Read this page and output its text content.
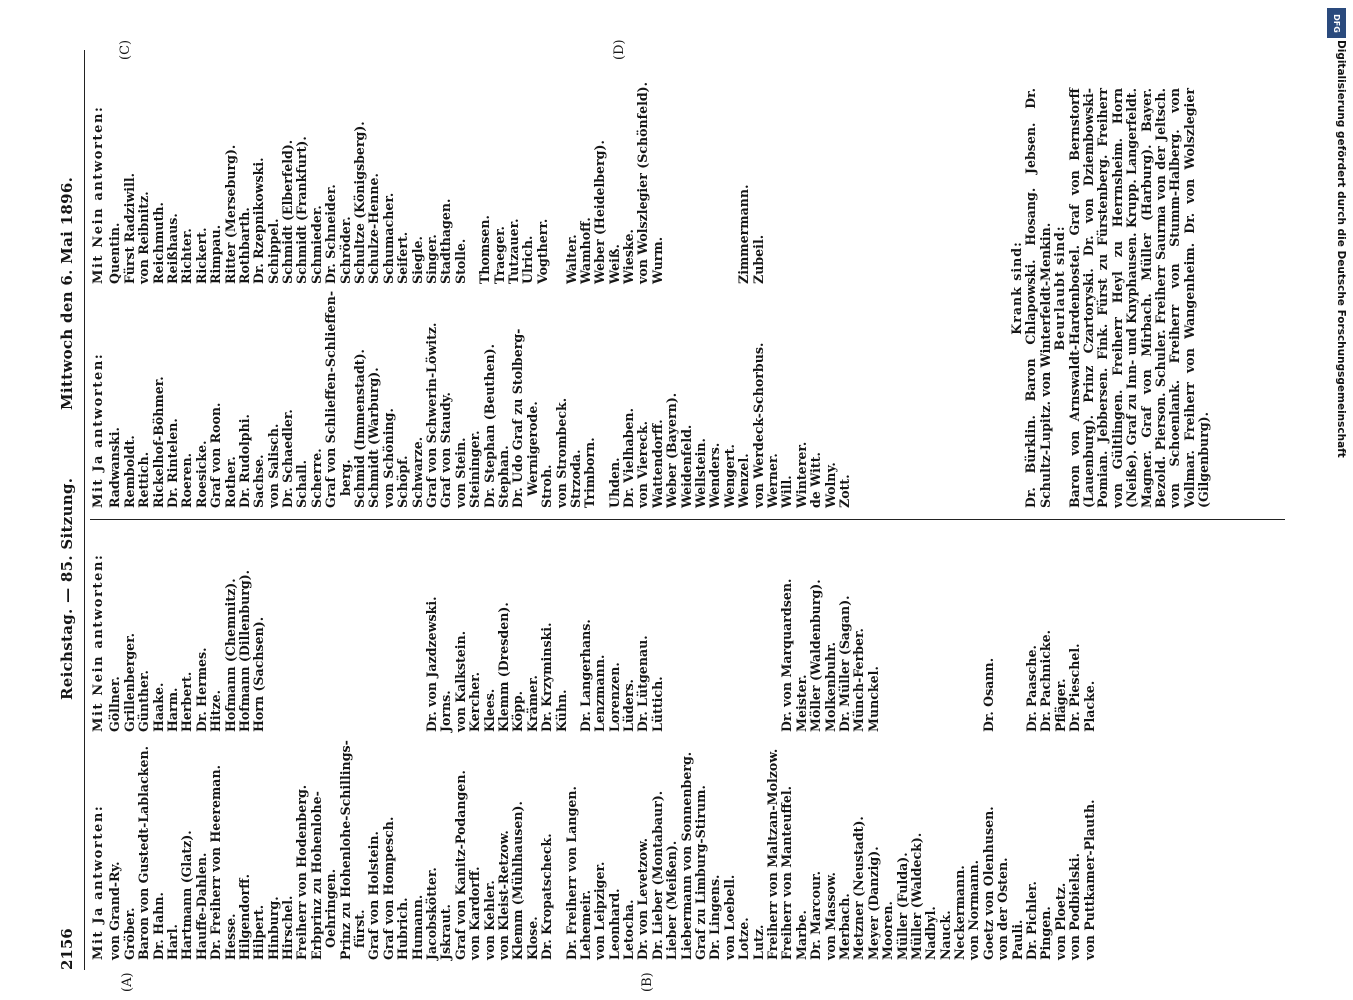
2156
Reichstag. — 85. Sitzung.
Mittwoch den 6. Mai 1896.
(A)	(B)
(C)	(D)
Mit Ja antworten: von Grand-Ry. Gröber. Baron von Gustedt-Lablacken. Dr. Hahn. Harl. Hartmann (Glatz). Hauffe-Dahlen. Dr. Freiherr von Heereman. Hesse. Hilgendorff. Hilpert. Hinburg. Hirschel. Freiherr von Hodenberg. Erbprinz zu Hohenlohe- Oehringen. Prinz zu Hohenlohe-Schillings- fürst. Graf von Holstein. Graf von Hompesch. Hubrich. Humann. Jacobskötter. Jskraut. Graf von Kanitz-Podangen. von Kardorff. von Kehler. von Kleist-Retzow. Klemm (Mühlhausen). Klose. Dr. Kropatscheck. Dr. Freiherr von Langen. Lehemeir. von Leipziger. Leonhard. Letocha. Dr. von Levetzow. Dr. Lieber (Montabaur). Lieber (Meißen). Liebermann von Sonnenberg. Graf zu Limburg-Stirum. Dr. Lingens. von Loebell. Lotze. Lutz. Freiherr von Maltzan-Molzow. Freiherr von Manteuffel. Marbe. Dr. Marcour. von Massow. Merbach. Metzner (Neustadt). Meyer (Danzig). Mooren. Müller (Fulda). Müller (Waldeck). Nadbyl. Nauck. Neckermann. von Normann. Goetz von Olenhusen. von der Osten. Pauli. Dr. Pichler. Pingen. von Ploetz. von Podbielski. von Puttkamer-Plauth.
Mit Nein antworten: Göllner. Grillenberger. Günther. Haake. Harm. Herbert. Dr. Hermes. Hitze. Hofmann (Chemnitz). Hofmann (Dillenburg). Horn (Sachsen).	Dr. von Jazdzewski. Jorns. von Kalkstein. Kercher. Klees. Klemm (Dresden). Köpp. Krämer. Dr. Krzyminski. Kühn. Dr. Langerhans. Lenzmann. Lorenzen. Lüders. Dr. Lütgenau. Lüttich.	Dr. von Marquardsen. Meister. Möller (Waldenburg). Molkenbuhr. Dr. Müller (Sagan). Münch-Ferber. Munckel.	Dr. Osann. Dr. Paasche. Dr. Pachnicke. Pfläger. Dr. Pieschel. Placke.
Mit Ja antworten: Radwanski. Remboldt. Rettich. Rickelhof-Böhmer. Dr. Rintelen. Roeren. Roesicke. Graf von Roon. Rother. Dr. Rudolphi. Sachse. von Salisch. Dr. Schaedler. Schall. Scherre. Graf von Schlieffen-Schlieffen- berg. Schmid (Immenstadt). Schmidt (Warburg). von Schöning. Schöpf. Schwarze. Graf von Schwerin-Löwitz. Graf von Staudy. von Stein. Steininger. Dr. Stephan (Beuthen). Stephan. Dr. Udo Graf zu Stolberg- Wernigerode. Stroh. von Strombeck. Strzoda. Trimborn. Uhden. Dr. Vielhaben. von Viereck. Wattendorff. Weber (Bayern). Weidenfeld. Wellstein. Wenders. Wengert. Wenzel. von Werdeck-Schorbus. Werner. Will. Winterer. de Witt. Wolny. Zott.
Mit Nein antworten: Quentin. Fürst Radziwill. von Reibnitz. Reichmuth. Reißhaus. Richter. Rickert. Rimpau. Ritter (Merseburg). Rothbarth. Dr. Rzepnikowski. Schippel. Schmidt (Elberfeld). Schmidt (Frankfurt). Schmieder. Dr. Schneider. Schröder. Schultze (Königsberg). Schulze-Henne. Schumacher. Seifert. Siegle. Singer. Stadthagen. Stolle. Thomsen. Traeger. Tutzauer. Ulrich. Vogtherr. Walter. Wamhoff. Weber (Heidelberg). Weiß. Wieske. von Wolszlegier (Schönfeld). Wurm.	Zimmermann. Zubeil.	Krank sind: Dr. Bürklin. Baron Chlapowski. Hosang. Jebsen. Dr. Schultz-Lupitz. von Winterfeldt-Menkin. Beurlaubt sind: Baron von Arnswaldt-Hardenbostel. Graf von Bernstorff (Lauenburg). Prinz Czartoryski. Dr. von Dziembowski-Pomian. Jebbersen. Fink. Fürst zu Fürstenberg. Freiherr von Gültlingen. Freiherr Heyl zu Herrnsheim. Horn (Neiße). Graf zu Inn- und Knyphausen. Krupp. Langerfeldt. Magner. Graf von Mirbach. Müller (Harburg). Bayer. Bezold. Pierson. Schuler. Freiherr Saurma von der Jeltsch. von Schoenlank. Freiherr von Stumm-Halberg. von Vollmar. Freiherr von Wangenheim. Dr. von Wolszlegier (Gilgenburg).
DFG
Digitalisierung gefördert durch die Deutsche Forschungsgemeinschaft
